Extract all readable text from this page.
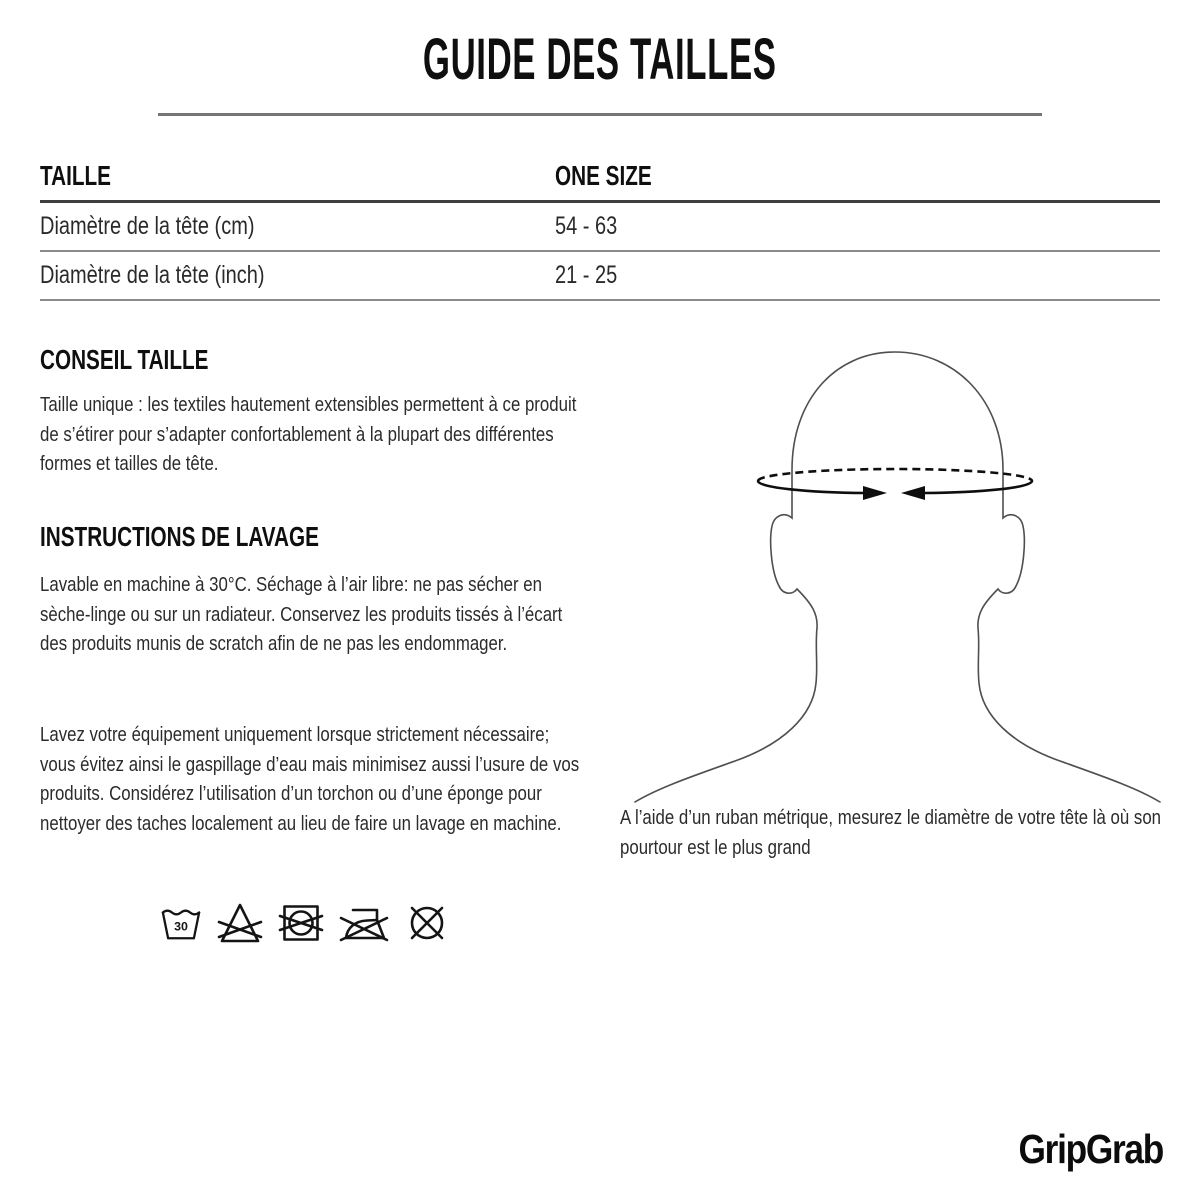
GUIDE DES TAILLES
TAILLE	ONE SIZE
Diamètre de la tête (cm)	54 - 63
Diamètre de la tête (inch)	21 - 25
CONSEIL TAILLE
Taille unique : les textiles hautement extensibles permettent à ce produit de s’étirer pour s’adapter confortablement à la plupart des différentes formes et tailles de tête.
INSTRUCTIONS DE LAVAGE
Lavable en machine à 30°C. Séchage à l’air libre: ne pas sécher en sèche-linge ou sur un radiateur. Conservez les produits tissés à l’écart des produits munis de scratch afin de ne pas les endommager.
Lavez votre équipement uniquement lorsque strictement nécessaire; vous évitez ainsi le gaspillage d’eau mais minimisez aussi l’usure de vos produits. Considérez l’utilisation d’un torchon ou d’une éponge pour nettoyer des taches localement au lieu de faire un lavage en machine.
30
A l’aide d’un ruban métrique, mesurez le diamètre de votre tête là où son pourtour est le plus grand
GripGrab
